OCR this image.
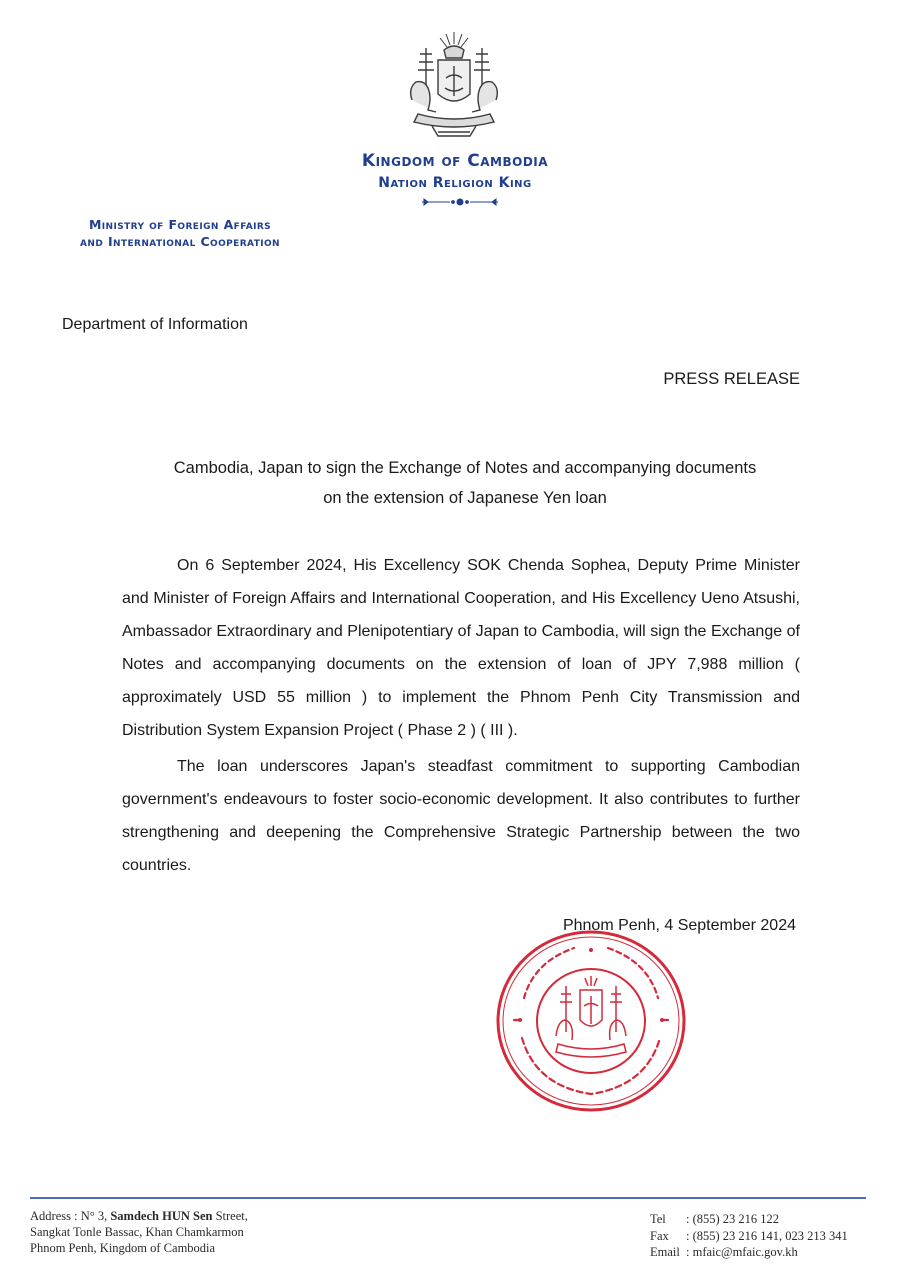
Kingdom of Cambodia
Nation Religion King
Ministry of Foreign Affairs
and International Cooperation
Department of Information
PRESS RELEASE
Cambodia, Japan to sign the Exchange of Notes and accompanying documents
on the extension of Japanese Yen loan

On 6 September 2024, His Excellency SOK Chenda Sophea, Deputy Prime Minister and Minister of Foreign Affairs and International Cooperation, and His Excellency Ueno Atsushi, Ambassador Extraordinary and Plenipotentiary of Japan to Cambodia, will sign the Exchange of Notes and accompanying documents on the extension of loan of JPY 7,988 million ( approximately USD 55 million ) to implement the Phnom Penh City Transmission and Distribution System Expansion Project ( Phase 2 ) ( III ).

The loan underscores Japan's steadfast commitment to supporting Cambodian government's endeavours to foster socio-economic development. It also contributes to further strengthening and deepening the Comprehensive Strategic Partnership between the two countries.

Phnom Penh, 4 September 2024
Address : N° 3, Samdech HUN Sen Street,
Sangkat Tonle Bassac, Khan Chamkarmon
Phnom Penh, Kingdom of Cambodia
Tel : (855) 23 216 122
Fax : (855) 23 216 141, 023 213 341
Email : mfaic@mfaic.gov.kh
